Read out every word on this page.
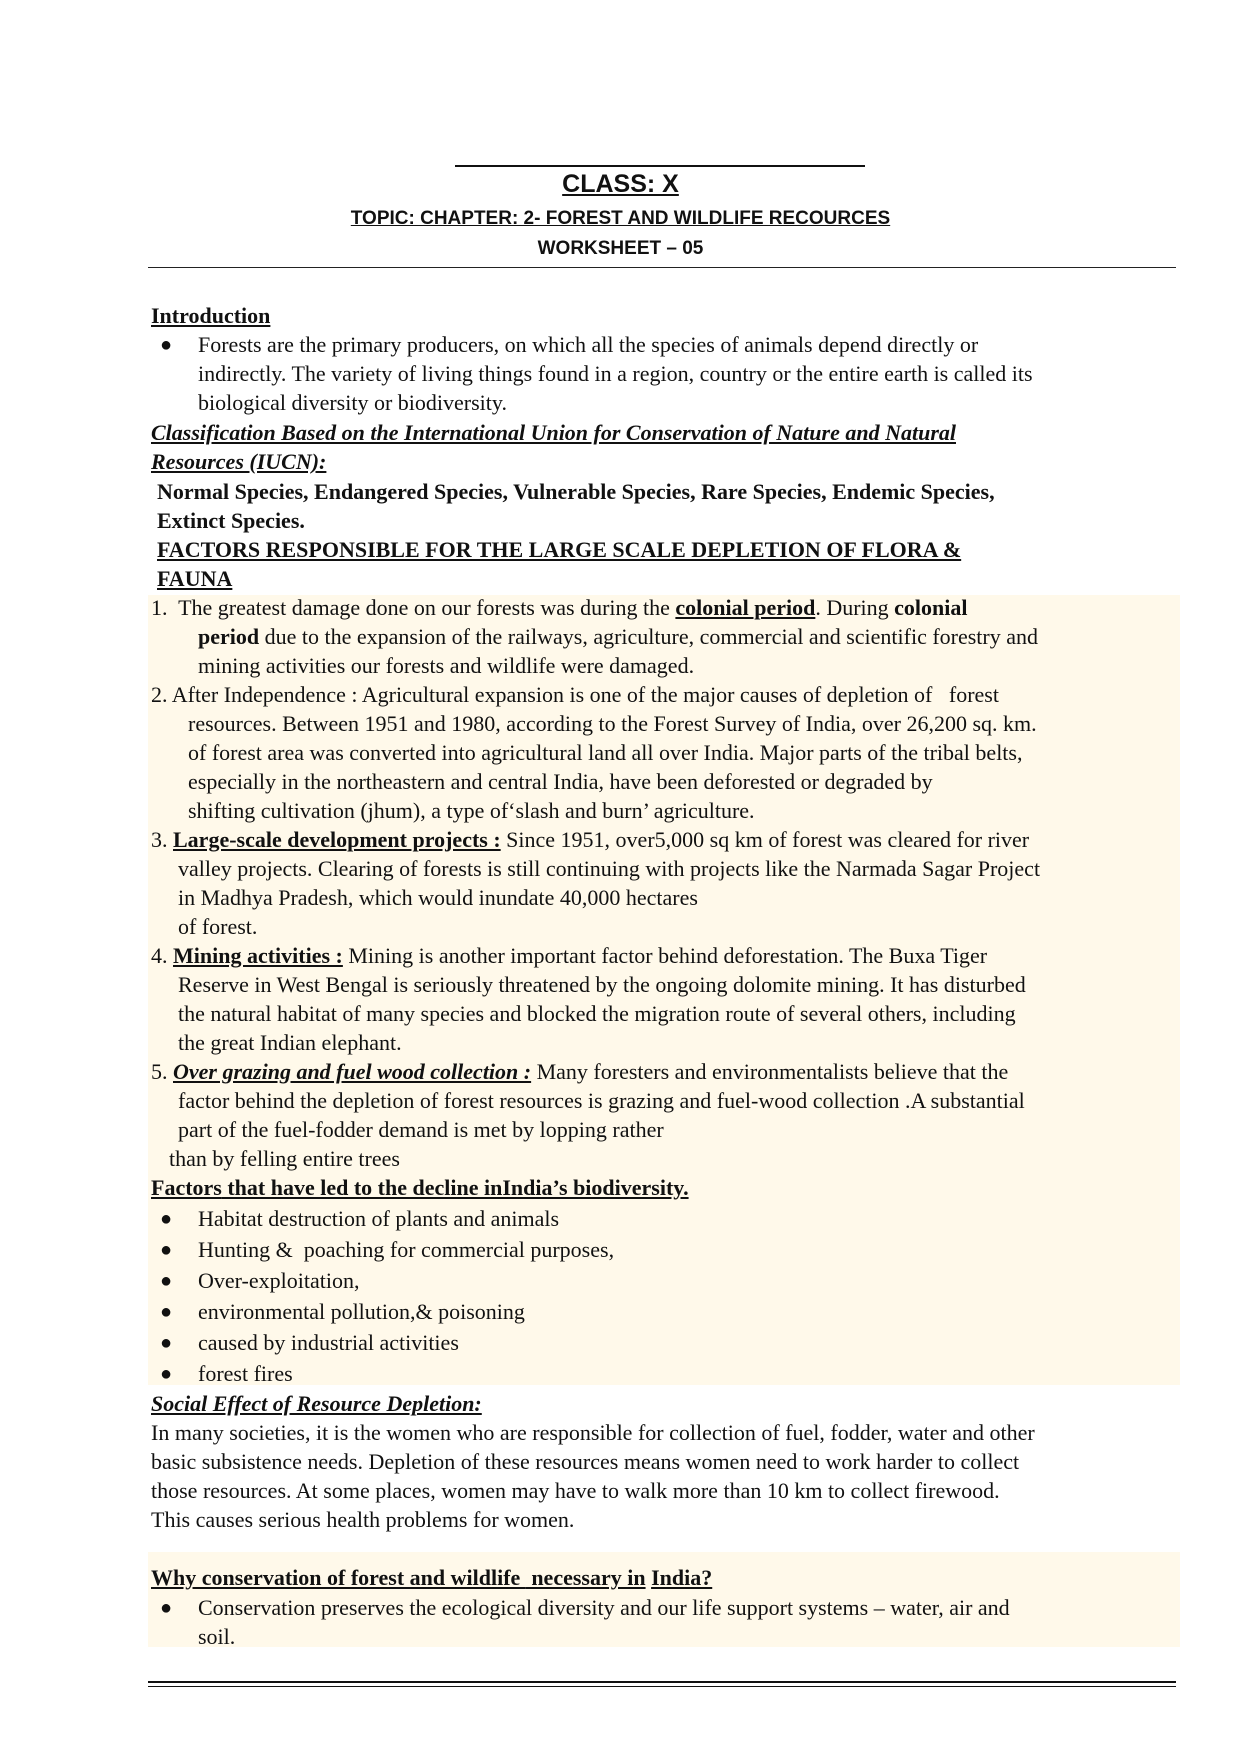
CLASS: X
TOPIC: CHAPTER: 2- FOREST AND WILDLIFE RECOURCES
WORKSHEET – 05
Introduction
● Forests are the primary producers, on which all the species of animals depend directly or
indirectly. The variety of living things found in a region, country or the entire earth is called its
biological diversity or biodiversity.
Classification Based on the International Union for Conservation of Nature and Natural
Resources (IUCN):
Normal Species, Endangered Species, Vulnerable Species, Rare Species, Endemic Species,
Extinct Species.
FACTORS RESPONSIBLE FOR THE LARGE SCALE DEPLETION OF FLORA &
FAUNA
1.  The greatest damage done on our forests was during the colonial period. During colonial
period due to the expansion of the railways, agriculture, commercial and scientific forestry and
mining activities our forests and wildlife were damaged.
2. After Independence : Agricultural expansion is one of the major causes of depletion of   forest
resources. Between 1951 and 1980, according to the Forest Survey of India, over 26,200 sq. km.
of forest area was converted into agricultural land all over India. Major parts of the tribal belts,
especially in the northeastern and central India, have been deforested or degraded by
shifting cultivation (jhum), a type of‘slash and burn’ agriculture.
3. Large-scale development projects : Since 1951, over5,000 sq km of forest was cleared for river
valley projects. Clearing of forests is still continuing with projects like the Narmada Sagar Project
in Madhya Pradesh, which would inundate 40,000 hectares
of forest.
4. Mining activities : Mining is another important factor behind deforestation. The Buxa Tiger
Reserve in West Bengal is seriously threatened by the ongoing dolomite mining. It has disturbed
the natural habitat of many species and blocked the migration route of several others, including
the great Indian elephant.
5. Over grazing and fuel wood collection : Many foresters and environmentalists believe that the
factor behind the depletion of forest resources is grazing and fuel-wood collection .A substantial
part of the fuel-fodder demand is met by lopping rather
than by felling entire trees
Factors that have led to the decline inIndia’s biodiversity.
● Habitat destruction of plants and animals
● Hunting &  poaching for commercial purposes,
● Over-exploitation,
● environmental pollution,& poisoning
● caused by industrial activities
● forest fires
Social Effect of Resource Depletion:
In many societies, it is the women who are responsible for collection of fuel, fodder, water and other
basic subsistence needs. Depletion of these resources means women need to work harder to collect
those resources. At some places, women may have to walk more than 10 km to collect firewood.
This causes serious health problems for women.
Why conservation of forest and wildlife  necessary in India?
● Conservation preserves the ecological diversity and our life support systems – water, air and
soil.
